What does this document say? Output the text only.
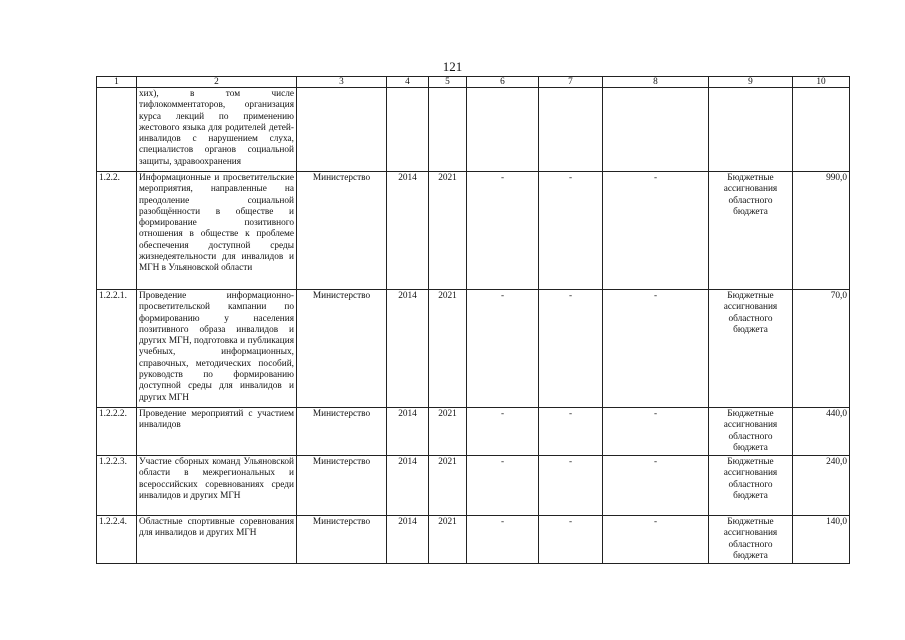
121
1	2	3	4	5	6	7	8	9	10
	хих), в том числе тифлокомментаторов, организация курса лекций по применению жестового языка для родителей детей-инвалидов с нарушением слуха, специалистов органов социальной защиты, здравоохранения								
1.2.2.	Информационные и просветительские мероприятия, направленные на преодоление социальной разобщённости в обществе и формирование позитивного отношения в обществе к проблеме обеспечения доступной среды жизнедеятельности для инвалидов и МГН в Ульяновской области	Министерство	2014	2021	-	-	-	Бюджетные ассигнования областного бюджета	990,0
1.2.2.1.	Проведение информационно-просветительской кампании по формированию у населения позитивного образа инвалидов и других МГН, подготовка и публикация учебных, информационных, справочных, методических пособий, руководств по формированию доступной среды для инвалидов и других МГН	Министерство	2014	2021	-	-	-	Бюджетные ассигнования областного бюджета	70,0
1.2.2.2.	Проведение мероприятий с участием инвалидов	Министерство	2014	2021	-	-	-	Бюджетные ассигнования областного бюджета	440,0
1.2.2.3.	Участие сборных команд Ульяновской области в межрегиональных и всероссийских соревнованиях среди инвалидов и других МГН	Министерство	2014	2021	-	-	-	Бюджетные ассигнования областного бюджета	240,0
1.2.2.4.	Областные спортивные соревнования для инвалидов и других МГН	Министерство	2014	2021	-	-	-	Бюджетные ассигнования областного бюджета	140,0
